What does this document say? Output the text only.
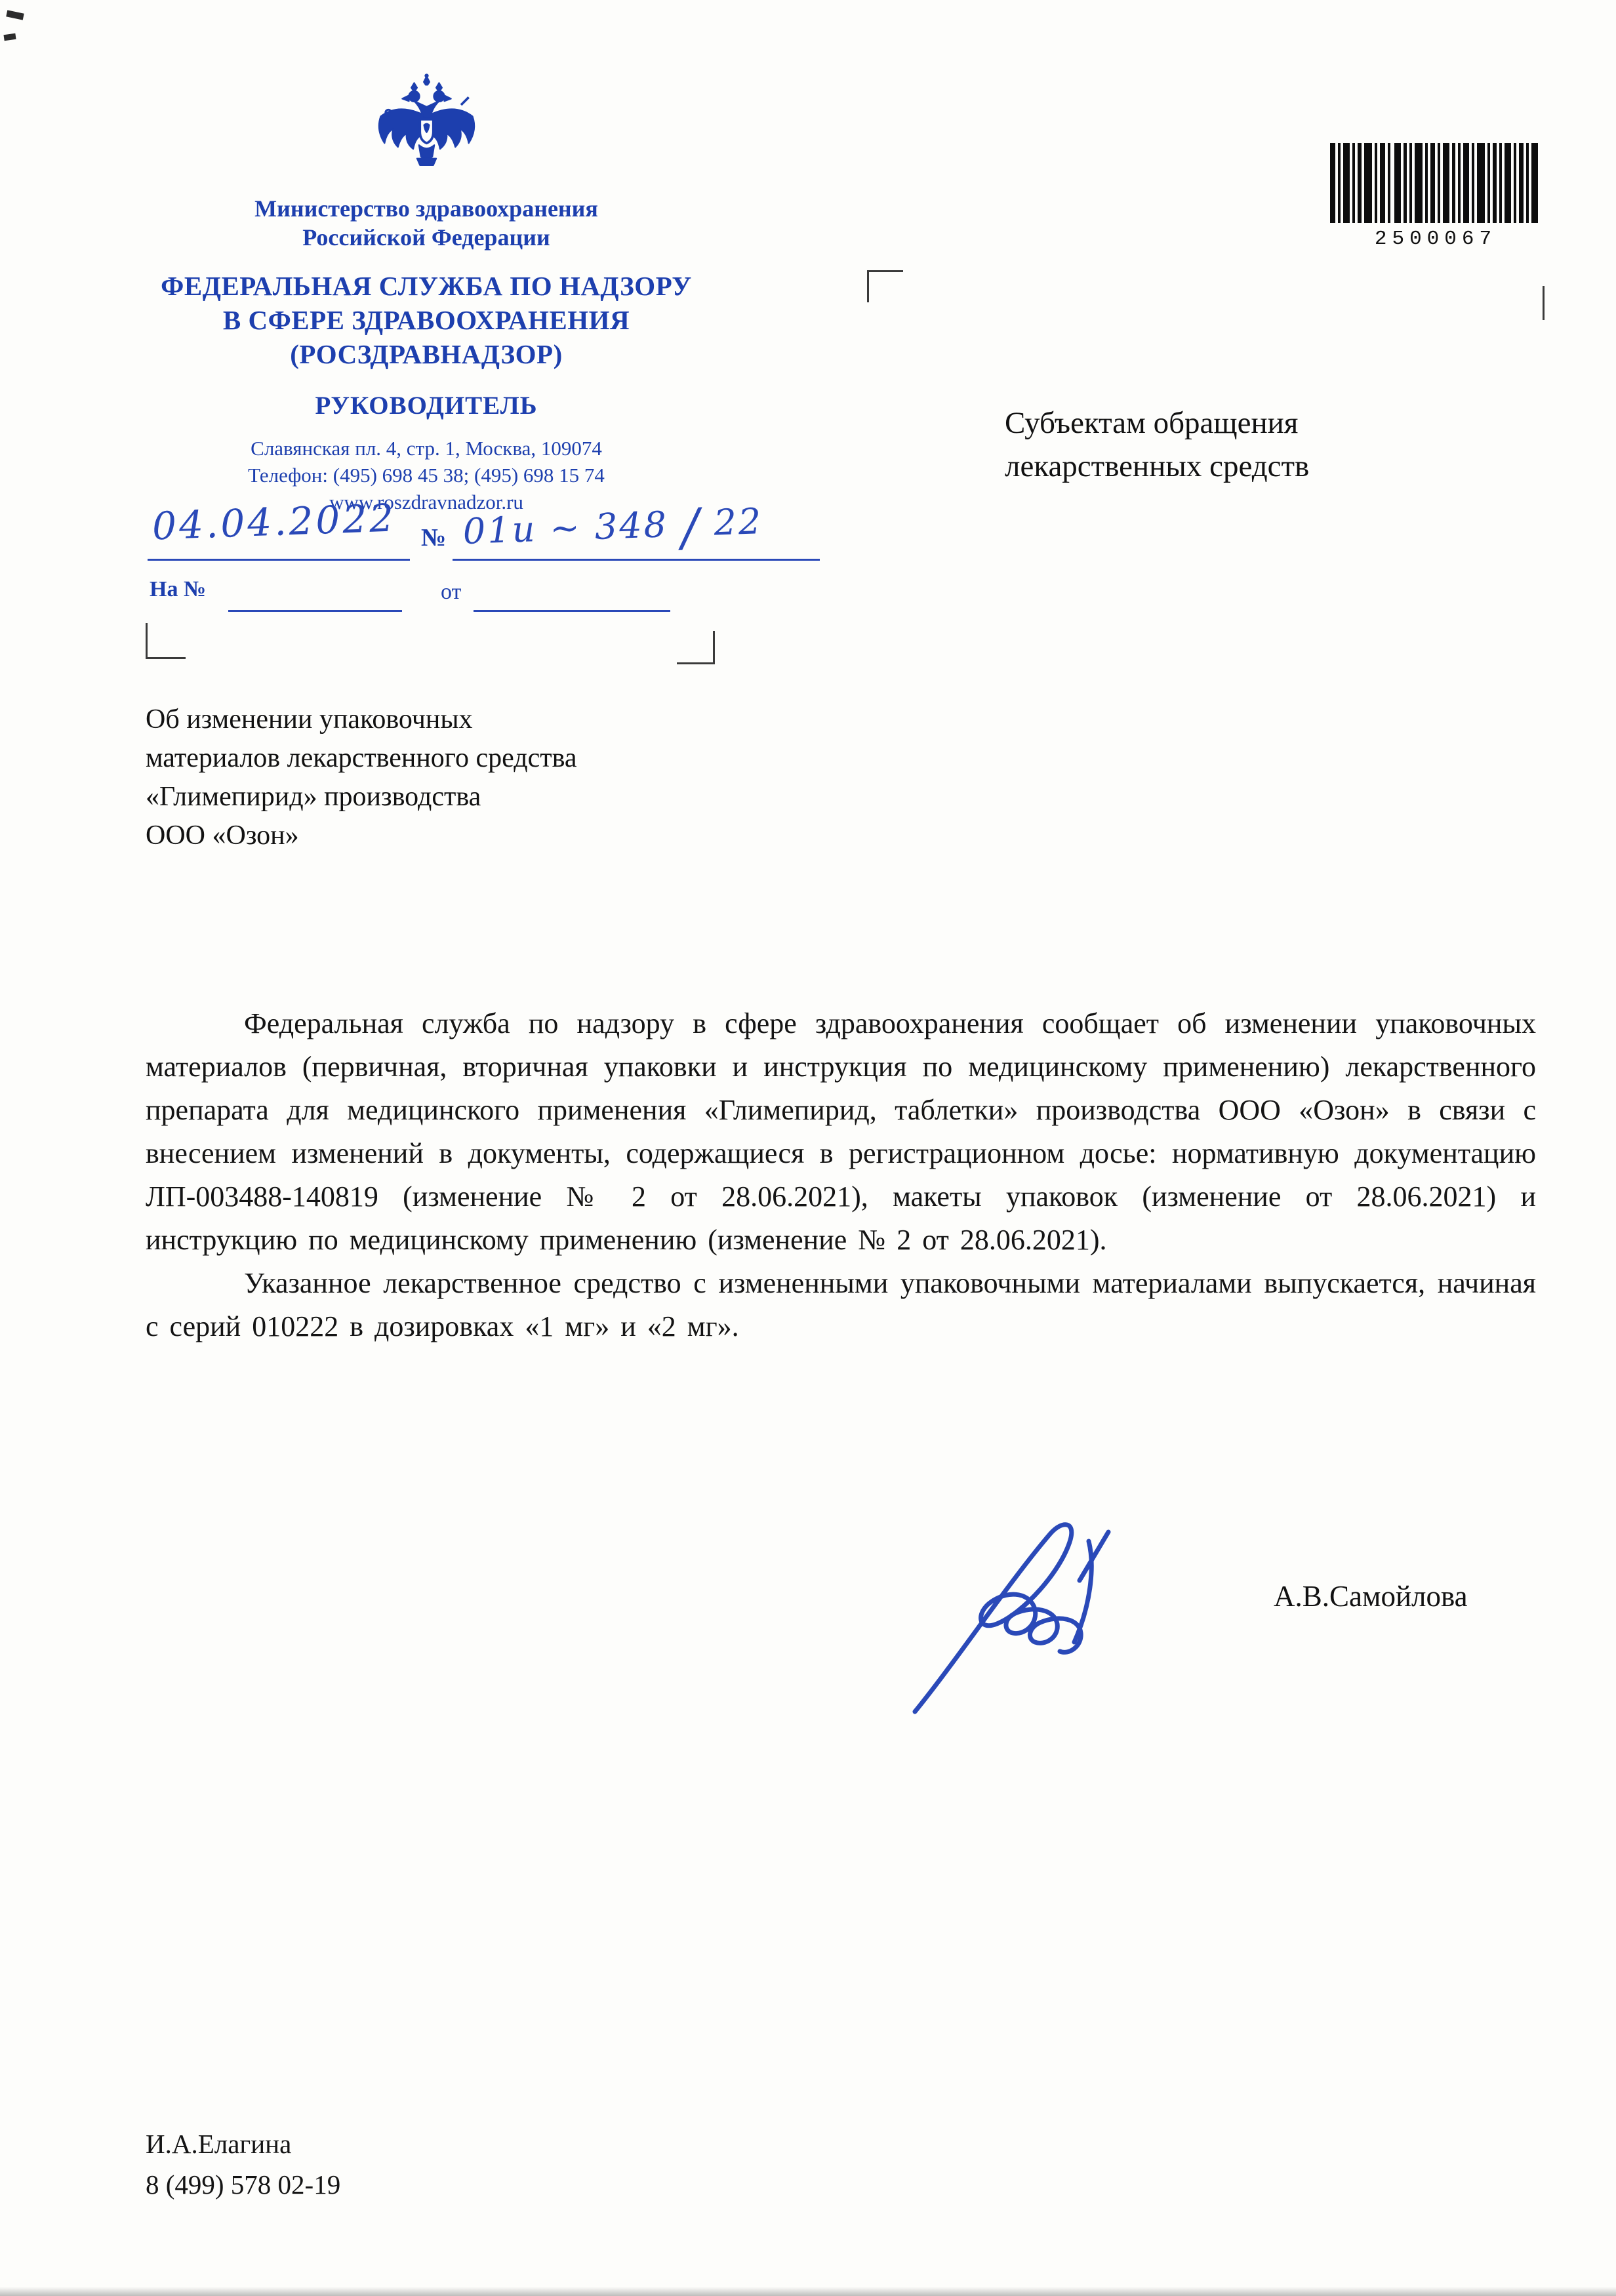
Министерство здравоохранения
Российской Федерации
ФЕДЕРАЛЬНАЯ СЛУЖБА ПО НАДЗОРУ
В СФЕРЕ ЗДРАВООХРАНЕНИЯ
(РОСЗДРАВНАДЗОР)
РУКОВОДИТЕЛЬ
Славянская пл. 4, стр. 1, Москва, 109074
Телефон: (495) 698 45 38; (495) 698 15 74
www.roszdravnadzor.ru
04.04.2022 № 01и ~ 348 / 22
На №	от
2500067
Субъектам обращения
лекарственных средств
Об изменении упаковочных
материалов лекарственного средства
«Глимепирид» производства
ООО «Озон»

Федеральная служба по надзору в сфере здравоохранения сообщает об изменении упаковочных материалов (первичная, вторичная упаковки и инструкция по медицинскому применению) лекарственного препарата для медицинского применения «Глимепирид, таблетки» производства ООО «Озон» в связи с внесением изменений в документы, содержащиеся в регистрационном досье: нормативную документацию ЛП-003488-140819 (изменение № 2 от 28.06.2021), макеты упаковок (изменение от 28.06.2021) и инструкцию по медицинскому применению (изменение № 2 от 28.06.2021).

Указанное лекарственное средство с измененными упаковочными материалами выпускается, начиная с серий 010222 в дозировках «1 мг» и «2 мг».

А.В.Самойлова
И.А.Елагина
8 (499) 578 02-19
